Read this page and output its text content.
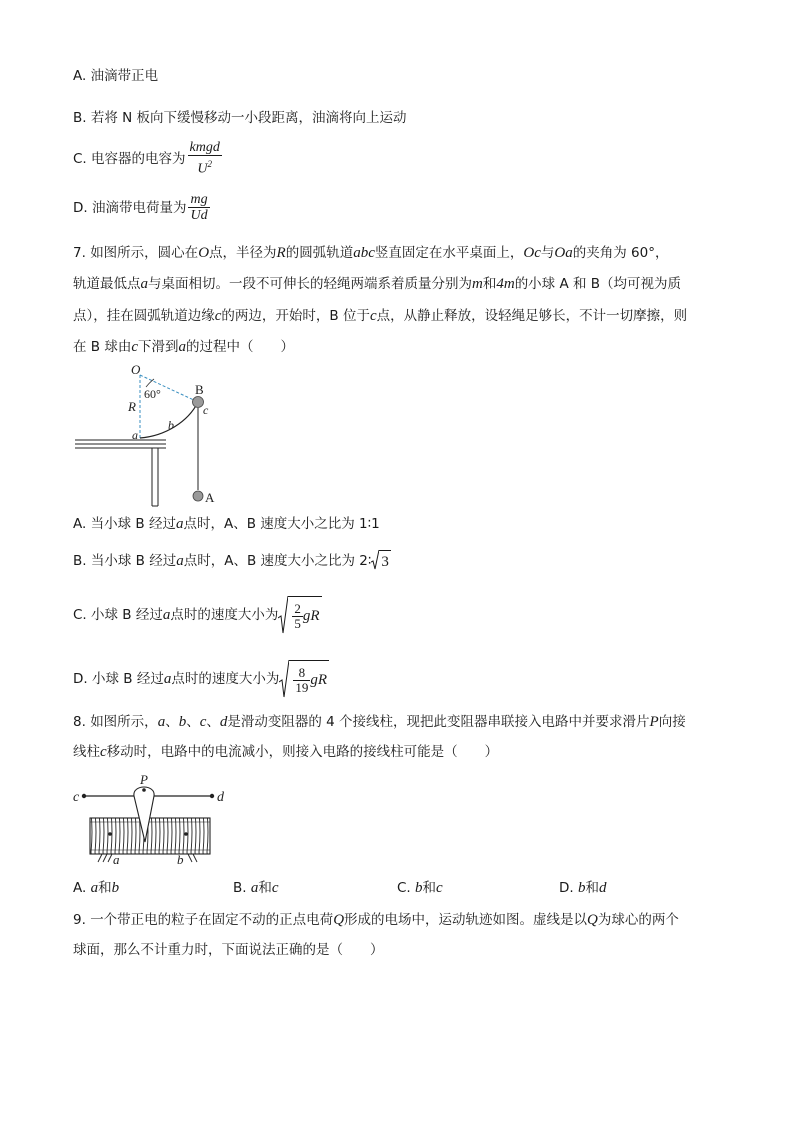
A. 油滴带正电
B. 若将 N 板向下缓慢移动一小段距离，油滴将向上运动
C. 电容器的电容为 $\frac{\text{kmgd}}{U^2}$
D. 油滴带电荷量为 $\frac{mg}{Ud}$
7. 如图所示，圆心在O点，半径为R的圆弧轨道abc竖直固定在水平桌面上，Oc与Oa的夹角为 60°，
轨道最低点a与桌面相切。一段不可伸长的轻绳两端系着质量分别为m和4m的小球 A 和 B（均可视为质
点），挂在圆弧轨道边缘c的两边，开始时，B 位于c点，从静止释放，设轻绳足够长，不计一切摩擦，则
在 B 球由c下滑到a的过程中（　　）
O
60°	B
c
R
b
a
A
A. 当小球 B 经过a点时，A、B 速度大小之比为 1∶1
B. 当小球 B 经过a点时，A、B 速度大小之比为 2∶ 3
C. 小球 B 经过a点时的速度大小为 $\frac{2}{5}$ gR
D. 小球 B 经过a点时的速度大小为 $\frac{8}{19}$ gR
8. 如图所示，a、b、c、d是滑动变阻器的 4 个接线柱，现把此变阻器串联接入电路中并要求滑片P向接
线柱c移动时，电路中的电流减小，则接入电路的接线柱可能是（　　）
c
P
d
a	b
A. a和b	B. a和c	C. b和c	D. b和d
9. 一个带正电的粒子在固定不动的正点电荷Q形成的电场中，运动轨迹如图。虚线是以Q为球心的两个
球面，那么不计重力时，下面说法正确的是（　　）
